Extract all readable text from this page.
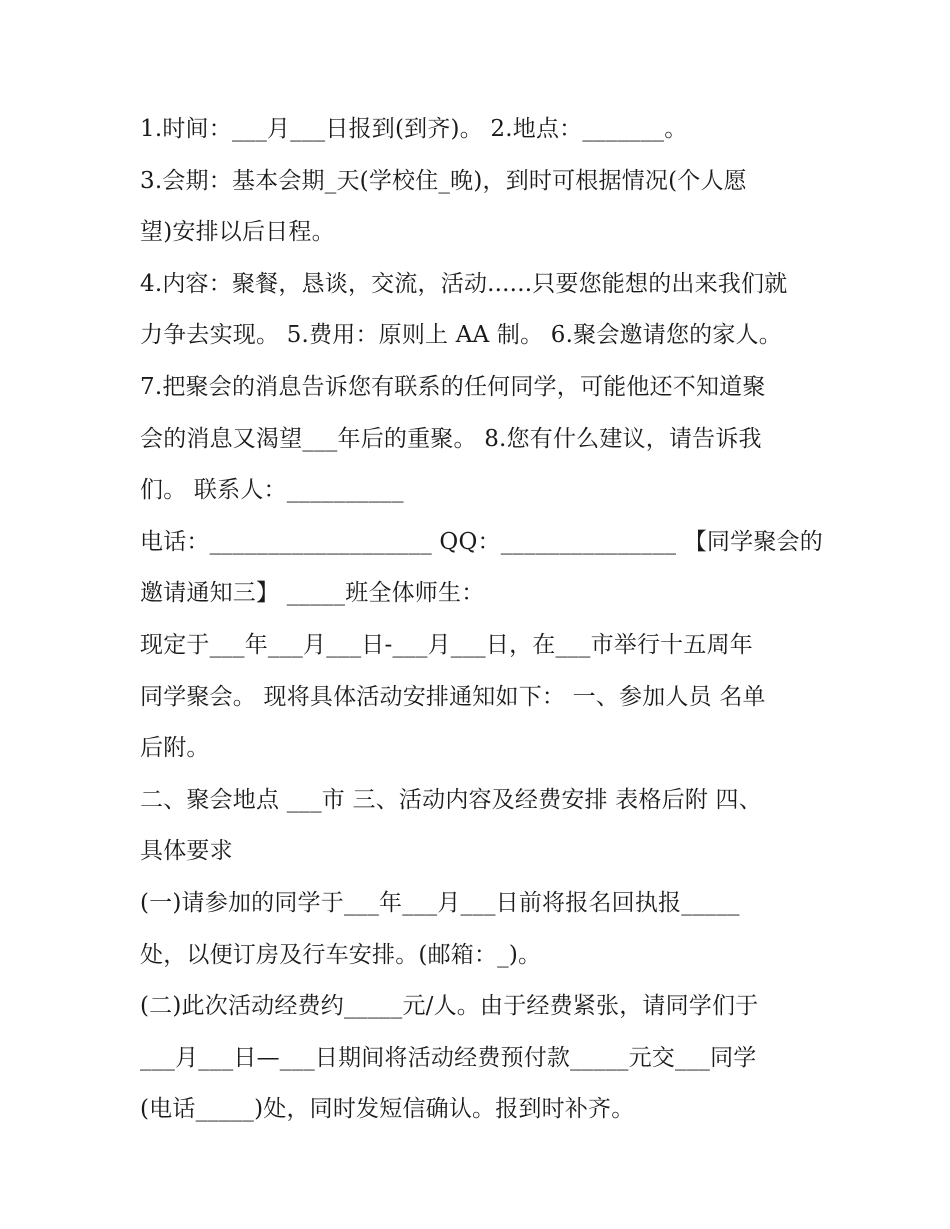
1.时间：___月___日报到(到齐)。 2.地点：_______。
3.会期：基本会期_天(学校住_晚)，到时可根据情况(个人愿
望)安排以后日程。
4.内容：聚餐，恳谈，交流，活动......只要您能想的出来我们就
力争去实现。 5.费用：原则上 AA 制。 6.聚会邀请您的家人。
7.把聚会的消息告诉您有联系的任何同学，可能他还不知道聚
会的消息又渴望___年后的重聚。 8.您有什么建议，请告诉我
们。 联系人：__________
电话：___________________ QQ：_______________ 【同学聚会的
邀请通知三】 _____班全体师生：
现定于___年___月___日-___月___日，在___市举行十五周年
同学聚会。 现将具体活动安排通知如下： 一、参加人员 名单
后附。
二、聚会地点 ___市 三、活动内容及经费安排 表格后附 四、
具体要求
(一)请参加的同学于___年___月___日前将报名回执报_____
处，以便订房及行车安排。(邮箱：_)。
(二)此次活动经费约_____元/人。由于经费紧张，请同学们于
___月___日—___日期间将活动经费预付款_____元交___同学
(电话_____)处，同时发短信确认。报到时补齐。
